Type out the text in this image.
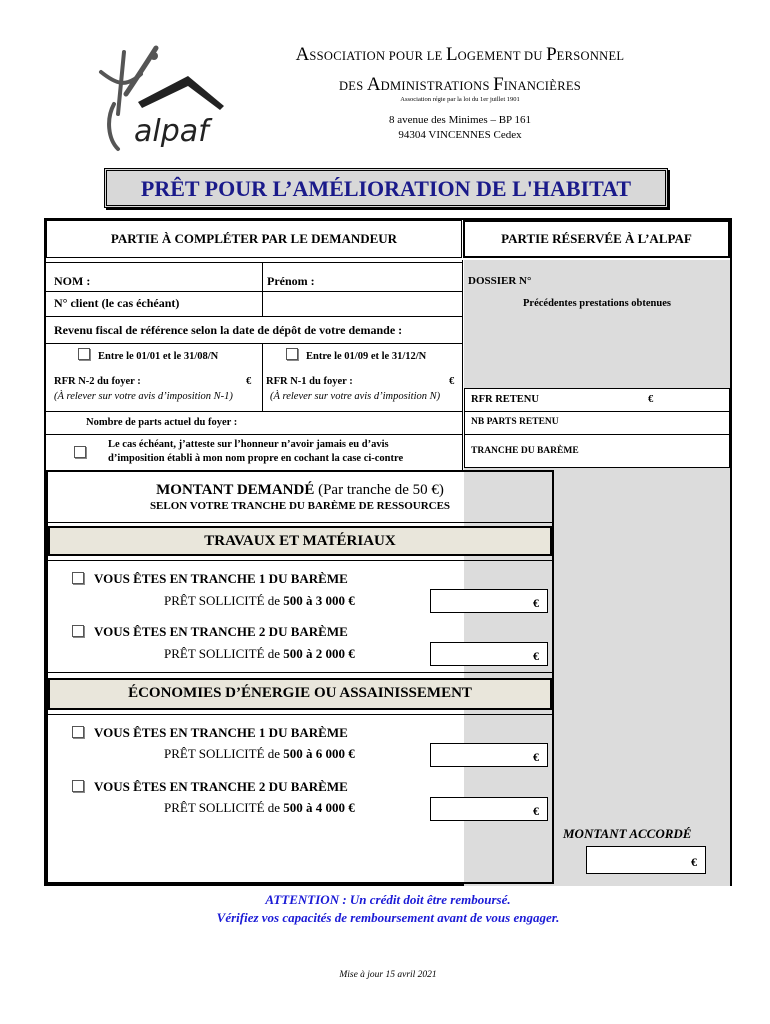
alpaf
ASSOCIATION POUR LE LOGEMENT DU PERSONNEL
DES ADMINISTRATIONS FINANCIÈRES
Association régie par la loi du 1er juillet 1901
8 avenue des Minimes – BP 161
94304 VINCENNES Cedex
PRÊT POUR L’AMÉLIORATION DE L'HABITAT
PARTIE À COMPLÉTER PAR LE DEMANDEUR	PARTIE RÉSERVÉE À L’ALPAF
NOM :	Prénom :
N° client (le cas échéant)
Revenu fiscal de référence selon la date de dépôt de votre demande :
Entre le 01/01 et le 31/08/N	Entre le 01/09 et le 31/12/N
RFR N-2 du foyer :	€
(À relever sur votre avis d’imposition N-1)
RFR N-1 du foyer :	€
(À relever sur votre avis d’imposition N)
Nombre de parts actuel du foyer :
Le cas échéant, j’atteste sur l’honneur n’avoir jamais eu d’avis
d’imposition établi à mon nom propre en cochant la case ci-contre
DOSSIER N°
Précédentes prestations obtenues
RFR RETENU	€
NB PARTS RETENU
TRANCHE DU BARÈME
MONTANT DEMANDÉ (Par tranche de 50 €)
SELON VOTRE TRANCHE DU BARÈME DE RESSOURCES
TRAVAUX ET MATÉRIAUX
VOUS ÊTES EN TRANCHE 1 DU BARÈME
PRÊT SOLLICITÉ de 500 à 3 000 €	€
VOUS ÊTES EN TRANCHE 2 DU BARÈME
PRÊT SOLLICITÉ de 500 à 2 000 €	€
ÉCONOMIES D’ÉNERGIE OU ASSAINISSEMENT
VOUS ÊTES EN TRANCHE 1 DU BARÈME
PRÊT SOLLICITÉ de 500 à 6 000 €	€
VOUS ÊTES EN TRANCHE 2 DU BARÈME
PRÊT SOLLICITÉ de 500 à 4 000 €	€
MONTANT ACCORDÉ
€
ATTENTION : Un crédit doit être remboursé.
Vérifiez vos capacités de remboursement avant de vous engager.
Mise à jour 15 avril 2021
